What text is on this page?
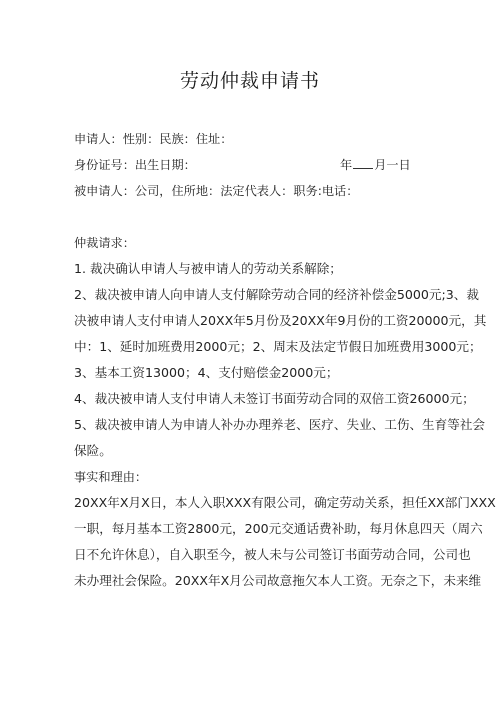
劳动仲裁申请书
申请人：性别：民族：住址：
身份证号：出生日期：	年 月一日
被申请人：公司，住所地：法定代表人：职务:电话：
仲裁请求：
1. 裁决确认申请人与被申请人的劳动关系解除；
2、裁决被申请人向申请人支付解除劳动合同的经济补偿金5000元;3、裁
决被申请人支付申请人20XX年5月份及20XX年9月份的工资20000元，其
中：1、延时加班费用2000元；2、周末及法定节假日加班费用3000元；
3、基本工资13000；4、支付赔偿金2000元；
4、裁决被申请人支付申请人未签订书面劳动合同的双倍工资26000元；
5、裁决被申请人为申请人补办办理养老、医疗、失业、工伤、生育等社会
保险。
事实和理由：
20XX年X月X日，本人入职XXX有限公司，确定劳动关系，担任XX部门XXX
一职，每月基本工资2800元，200元交通话费补助，每月休息四天（周六
日不允许休息），自入职至今，被人未与公司签订书面劳动合同，公司也
未办理社会保险。20XX年X月公司故意拖欠本人工资。无奈之下，未来维
